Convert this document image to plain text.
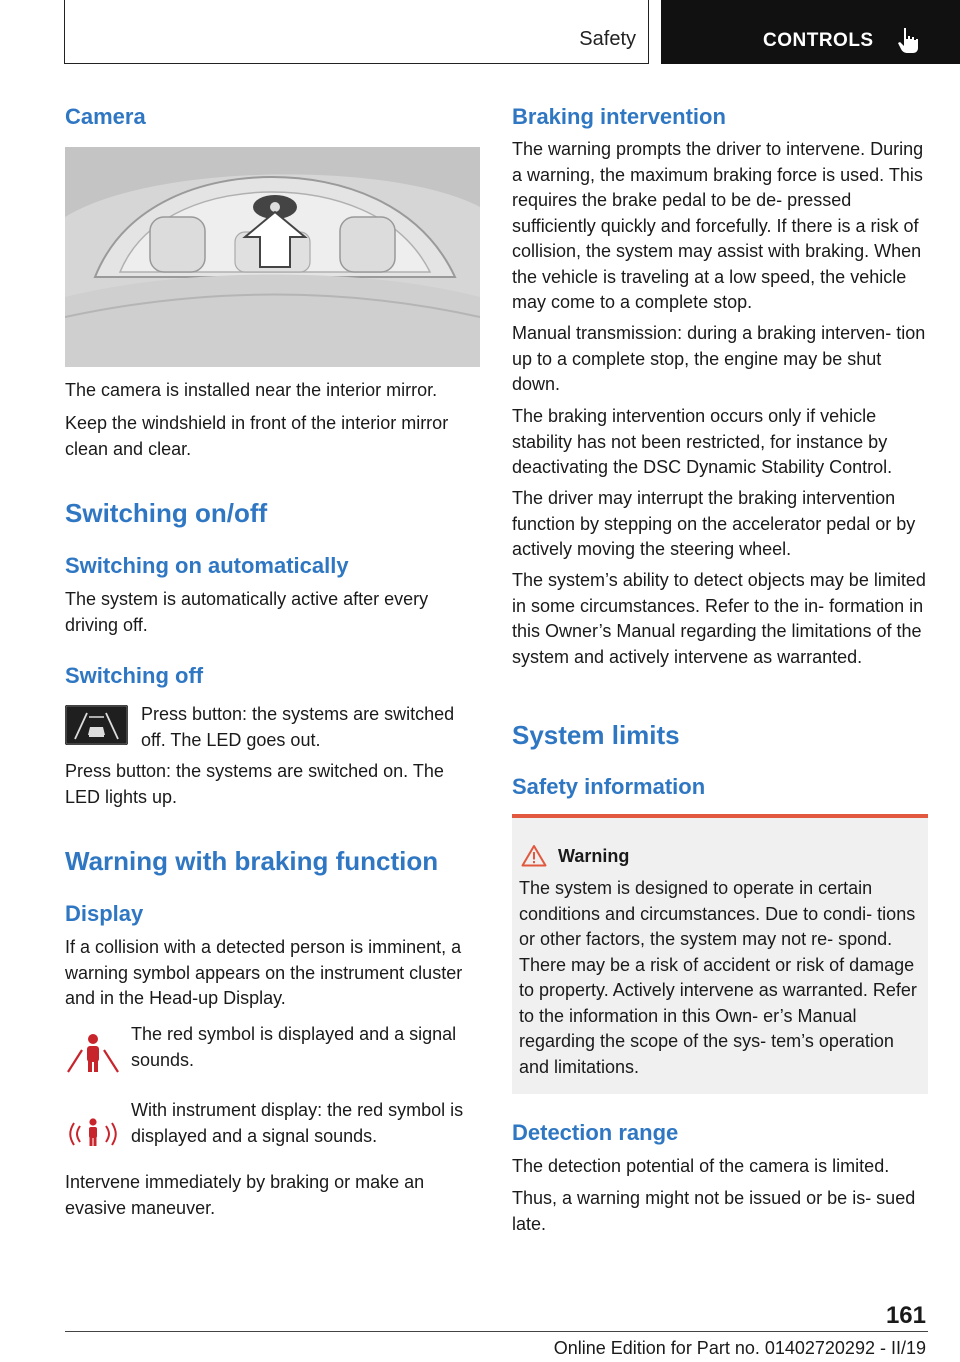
Safety	CONTROLS
Camera

The camera is installed near the interior mirror.

Keep the windshield in front of the interior mirror clean and clear.

Switching on/off
Switching on automatically

The system is automatically active after every driving off.

Switching off

Press button: the systems are switched off. The LED goes out.

Press button: the systems are switched on. The LED lights up.

Warning with braking function
Display

If a collision with a detected person is imminent, a warning symbol appears on the instrument cluster and in the Head-up Display.

The red symbol is displayed and a signal sounds.

With instrument display: the red symbol is displayed and a signal sounds.

Intervene immediately by braking or make an evasive maneuver.

Braking intervention

The warning prompts the driver to intervene. During a warning, the maximum braking force is used. This requires the brake pedal to be de- pressed sufficiently quickly and forcefully. If there is a risk of collision, the system may assist with braking. When the vehicle is traveling at a low speed, the vehicle may come to a complete stop.

Manual transmission: during a braking interven- tion up to a complete stop, the engine may be shut down.

The braking intervention occurs only if vehicle stability has not been restricted, for instance by deactivating the DSC Dynamic Stability Control.

The driver may interrupt the braking intervention function by stepping on the accelerator pedal or by actively moving the steering wheel.

The system’s ability to detect objects may be limited in some circumstances. Refer to the in- formation in this Owner’s Manual regarding the limitations of the system and actively intervene as warranted.

System limits
Safety information
Warning

The system is designed to operate in certain conditions and circumstances. Due to condi- tions or other factors, the system may not re- spond. There may be a risk of accident or risk of damage to property. Actively intervene as warranted. Refer to the information in this Own- er’s Manual regarding the scope of the sys- tem’s operation and limitations.

Detection range

The detection potential of the camera is limited.

Thus, a warning might not be issued or be is- sued late.

161
Online Edition for Part no. 01402720292 - II/19
